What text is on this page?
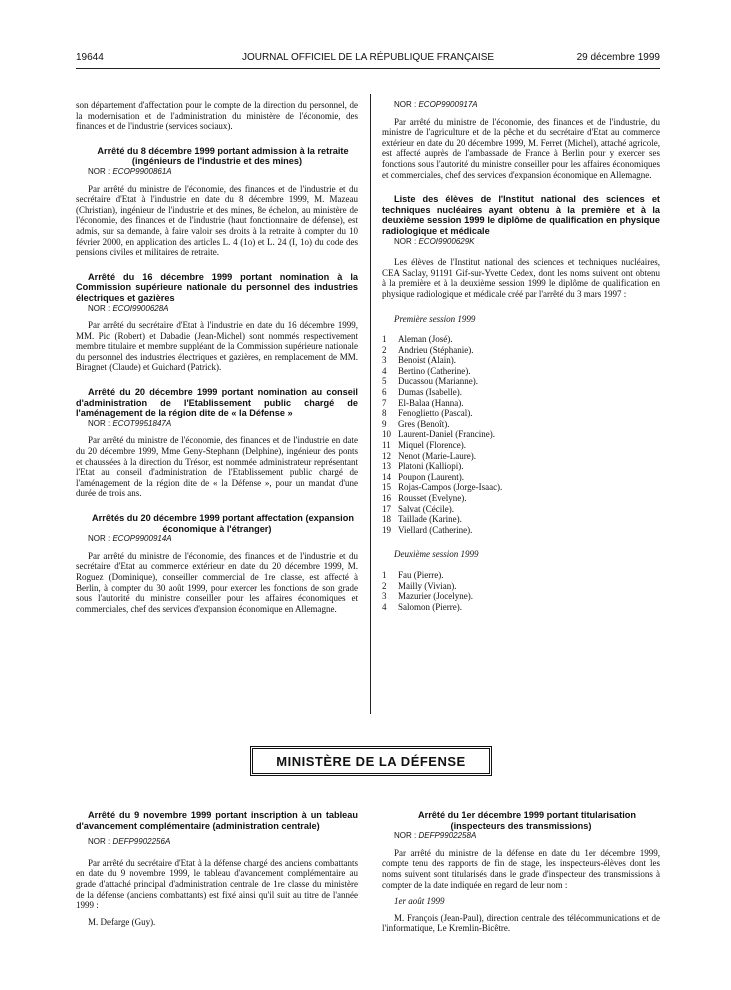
19644	JOURNAL OFFICIEL DE LA RÉPUBLIQUE FRANÇAISE	29 décembre 1999

son département d'affectation pour le compte de la direction du personnel, de la modernisation et de l'administration du ministère de l'économie, des finances et de l'industrie (services sociaux).

Arrêté du 8 décembre 1999 portant admission à la retraite (ingénieurs de l'industrie et des mines)

NOR : ECOP9900861A

Par arrêté du ministre de l'économie, des finances et de l'industrie et du secrétaire d'Etat à l'industrie en date du 8 décembre 1999, M. Mazeau (Christian), ingénieur de l'industrie et des mines, 8e échelon, au ministère de l'économie, des finances et de l'industrie (haut fonctionnaire de défense), est admis, sur sa demande, à faire valoir ses droits à la retraite à compter du 10 février 2000, en application des articles L. 4 (1o) et L. 24 (I, 1o) du code des pensions civiles et militaires de retraite.

Arrêté du 16 décembre 1999 portant nomination à la Commission supérieure nationale du personnel des industries électriques et gazières

NOR : ECOI9900628A

Par arrêté du secrétaire d'Etat à l'industrie en date du 16 décembre 1999, MM. Pic (Robert) et Dabadie (Jean-Michel) sont nommés respectivement membre titulaire et membre suppléant de la Commission supérieure nationale du personnel des industries électriques et gazières, en remplacement de MM. Biragnet (Claude) et Guichard (Patrick).

Arrêté du 20 décembre 1999 portant nomination au conseil d'administration de l'Etablissement public chargé de l'aménagement de la région dite de « la Défense »

NOR : ECOT9951847A

Par arrêté du ministre de l'économie, des finances et de l'industrie en date du 20 décembre 1999, Mme Geny-Stephann (Delphine), ingénieur des ponts et chaussées à la direction du Trésor, est nommée administrateur représentant l'Etat au conseil d'administration de l'Etablissement public chargé de l'aménagement de la région dite de « la Défense », pour un mandat d'une durée de trois ans.

Arrêtés du 20 décembre 1999 portant affectation (expansion économique à l'étranger)

NOR : ECOP9900914A

Par arrêté du ministre de l'économie, des finances et de l'industrie et du secrétaire d'Etat au commerce extérieur en date du 20 décembre 1999, M. Roguez (Dominique), conseiller commercial de 1re classe, est affecté à Berlin, à compter du 30 août 1999, pour exercer les fonctions de son grade sous l'autorité du ministre conseiller pour les affaires économiques et commerciales, chef des services d'expansion économique en Allemagne.

NOR : ECOP9900917A

Par arrêté du ministre de l'économie, des finances et de l'industrie, du ministre de l'agriculture et de la pêche et du secrétaire d'Etat au commerce extérieur en date du 20 décembre 1999, M. Ferret (Michel), attaché agricole, est affecté auprès de l'ambassade de France à Berlin pour y exercer ses fonctions sous l'autorité du ministre conseiller pour les affaires économiques et commerciales, chef des services d'expansion économique en Allemagne.

Liste des élèves de l'Institut national des sciences et techniques nucléaires ayant obtenu à la première et à la deuxième session 1999 le diplôme de qualification en physique radiologique et médicale

NOR : ECOI9900629K

Les élèves de l'Institut national des sciences et techniques nucléaires, CEA Saclay, 91191 Gif-sur-Yvette Cedex, dont les noms suivent ont obtenu à la première et à la deuxième session 1999 le diplôme de qualification en physique radiologique et médicale créé par l'arrêté du 3 mars 1997 :

Première session 1999

1	Aleman (José).
2	Andrieu (Stéphanie).
3	Benoist (Alain).
4	Bertino (Catherine).
5	Ducassou (Marianne).
6	Dumas (Isabelle).
7	El-Balaa (Hanna).
8	Fenoglietto (Pascal).
9	Gres (Benoît).
10 Laurent-Daniel (Francine).
11 Miquel (Florence).
12 Nenot (Marie-Laure).
13 Platoni (Kalliopi).
14 Poupon (Laurent).
15 Rojas-Campos (Jorge-Isaac).
16 Rousset (Evelyne).
17 Salvat (Cécile).
18 Taillade (Karine).
19 Viellard (Catherine).

Deuxième session 1999

1	Fau (Pierre).
2	Mailly (Vivian).
3	Mazurier (Jocelyne).
4	Salomon (Pierre).
MINISTÈRE DE LA DÉFENSE

Arrêté du 9 novembre 1999 portant inscription à un tableau d'avancement complémentaire (administration centrale)

NOR : DEFP9902256A

Par arrêté du secrétaire d'Etat à la défense chargé des anciens combattants en date du 9 novembre 1999, le tableau d'avancement complémentaire au grade d'attaché principal d'administration centrale de 1re classe du ministère de la défense (anciens combattants) est fixé ainsi qu'il suit au titre de l'année 1999 :

M. Defarge (Guy).

Arrêté du 1er décembre 1999 portant titularisation (inspecteurs des transmissions)

NOR : DEFP9902258A

Par arrêté du ministre de la défense en date du 1er décembre 1999, compte tenu des rapports de fin de stage, les inspecteurs-élèves dont les noms suivent sont titularisés dans le grade d'inspecteur des transmissions à compter de la date indiquée en regard de leur nom :

1er août 1999

M. François (Jean-Paul), direction centrale des télécommunications et de l'informatique, Le Kremlin-Bicêtre.
